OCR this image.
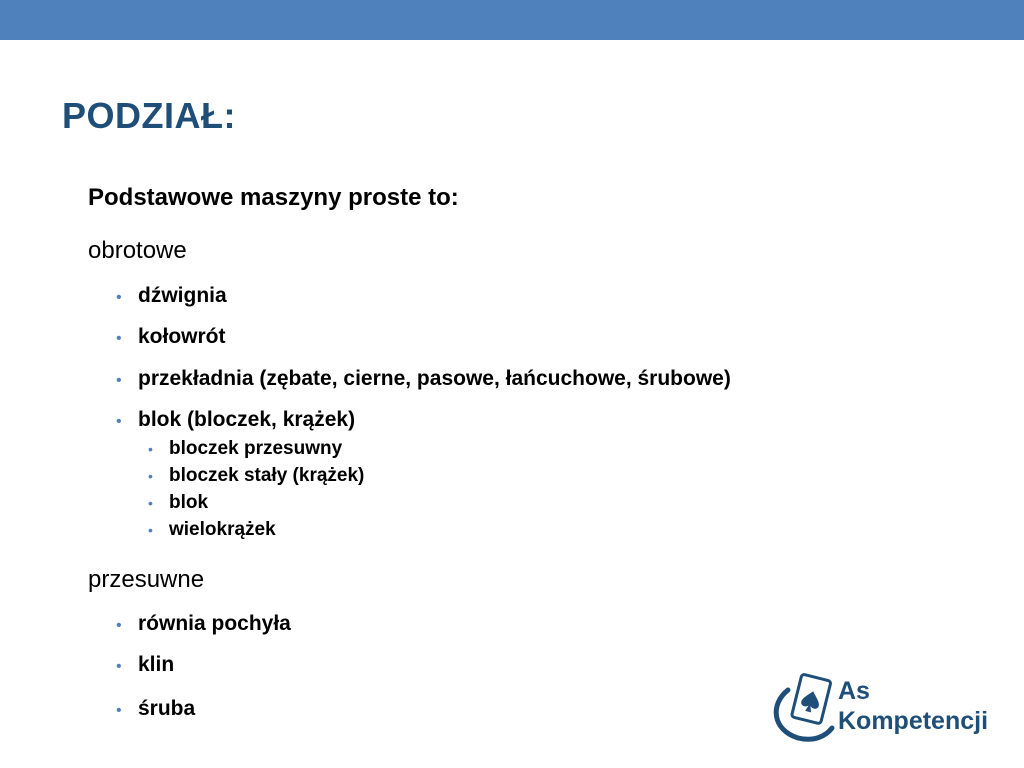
PODZIAŁ:
Podstawowe maszyny proste to:
obrotowe
• dźwignia
• kołowrót
• przekładnia (zębate, cierne, pasowe, łańcuchowe, śrubowe)
• blok (bloczek, krążek)
• bloczek przesuwny
• bloczek stały (krążek)
• blok
• wielokrążek
przesuwne
• równia pochyła
• klin
• śruba
As
Kompetencji
